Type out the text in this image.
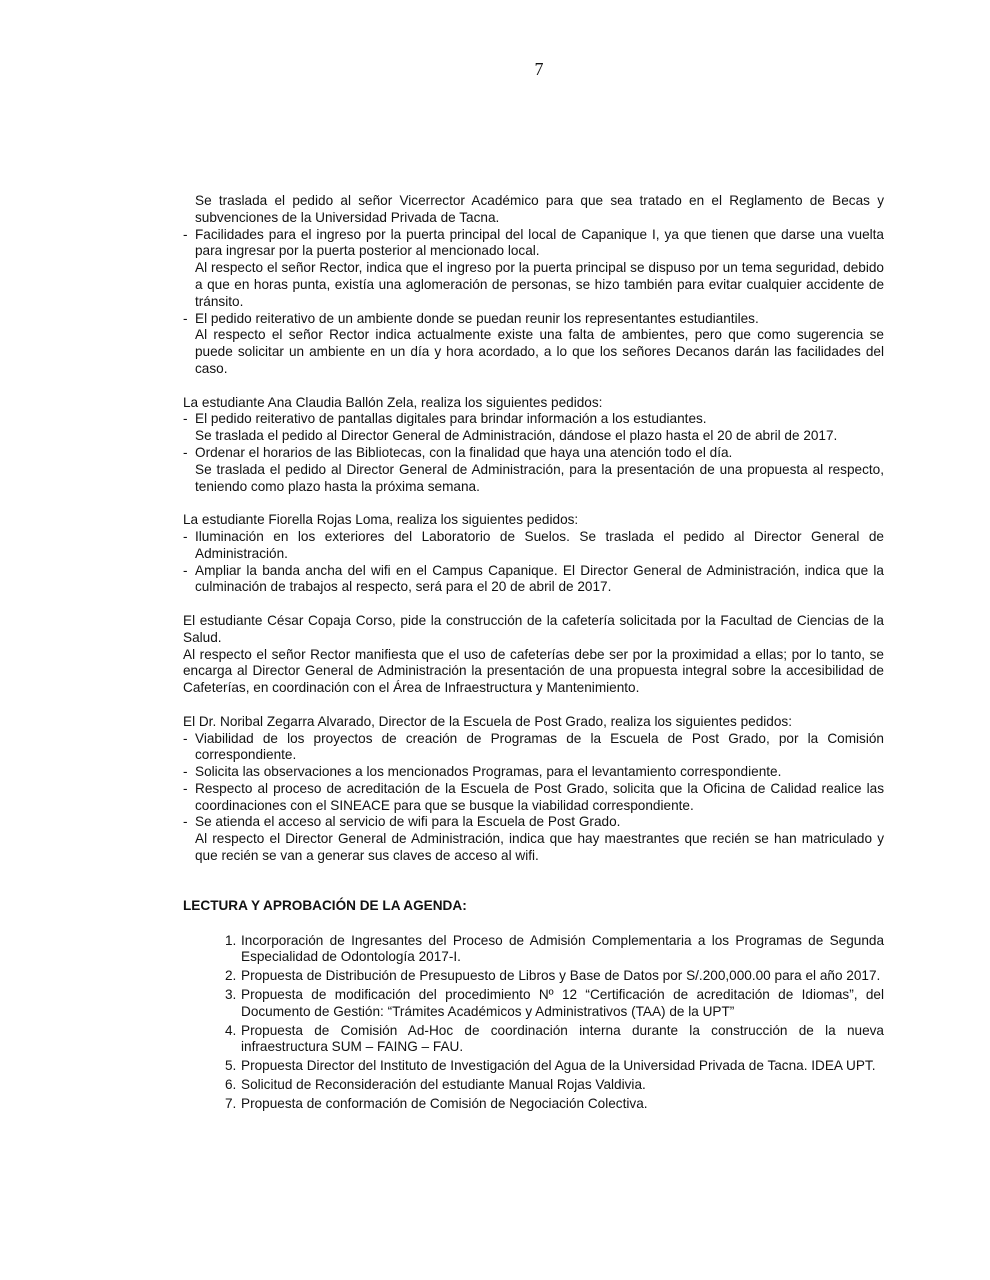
7
Se traslada el pedido al señor Vicerrector Académico para que sea tratado en el Reglamento de Becas y subvenciones de la Universidad Privada de Tacna.
- Facilidades para el ingreso por la puerta principal del local de Capanique I, ya que tienen que darse una vuelta para ingresar por la puerta posterior al mencionado local.
Al respecto el señor Rector, indica que el ingreso por la puerta principal se dispuso por un tema seguridad, debido a que en horas punta, existía una aglomeración de personas, se hizo también para evitar cualquier accidente de tránsito.
- El pedido reiterativo de un ambiente donde se puedan reunir los representantes estudiantiles.
Al respecto el señor Rector indica actualmente existe una falta de ambientes, pero que como sugerencia se puede solicitar un ambiente en un día y hora acordado, a lo que los señores Decanos darán las facilidades del caso.
La estudiante Ana Claudia Ballón Zela, realiza los siguientes pedidos:
- El pedido reiterativo de pantallas digitales para brindar información a los estudiantes.
Se traslada el pedido al Director General de Administración, dándose el plazo hasta el 20 de abril de 2017.
- Ordenar el horarios de las Bibliotecas, con la finalidad que haya una atención todo el día.
Se traslada el pedido al Director General de Administración, para la presentación de una propuesta al respecto, teniendo como plazo hasta la próxima semana.
La estudiante Fiorella Rojas Loma, realiza los siguientes pedidos:
- Iluminación en los exteriores del Laboratorio de Suelos. Se traslada el pedido al Director General de Administración.
- Ampliar la banda ancha del wifi en el Campus Capanique. El Director General de Administración, indica que la culminación de trabajos al respecto, será para el 20 de abril de 2017.
El estudiante César Copaja Corso, pide la construcción de la cafetería solicitada por la Facultad de Ciencias de la Salud.
Al respecto el señor Rector manifiesta que el uso de cafeterías debe ser por la proximidad a ellas; por lo tanto, se encarga al Director General de Administración la presentación de una propuesta integral sobre la accesibilidad de Cafeterías, en coordinación con el Área de Infraestructura y Mantenimiento.
El Dr. Noribal Zegarra Alvarado, Director de la Escuela de Post Grado, realiza los siguientes pedidos:
- Viabilidad de los proyectos de creación de Programas de la Escuela de Post Grado, por la Comisión correspondiente.
- Solicita las observaciones a los mencionados Programas, para el levantamiento correspondiente.
- Respecto al proceso de acreditación de la Escuela de Post Grado, solicita que la Oficina de Calidad realice las coordinaciones con el SINEACE para que se busque la viabilidad correspondiente.
- Se atienda el acceso al servicio de wifi para la Escuela de Post Grado.
Al respecto el Director General de Administración, indica que hay maestrantes que recién se han matriculado y que recién se van a generar sus claves de acceso al wifi.
LECTURA Y APROBACIÓN DE LA AGENDA:
1. Incorporación de Ingresantes del Proceso de Admisión Complementaria a los Programas de Segunda Especialidad de Odontología 2017-I.
2. Propuesta de Distribución de Presupuesto de Libros y Base de Datos por S/.200,000.00 para el año 2017.
3. Propuesta de modificación del procedimiento Nº 12 “Certificación de acreditación de Idiomas”, del Documento de Gestión: “Trámites Académicos y Administrativos (TAA) de la UPT”
4. Propuesta de Comisión Ad-Hoc de coordinación interna durante la construcción de la nueva infraestructura SUM – FAING – FAU.
5. Propuesta Director del Instituto de Investigación del Agua de la Universidad Privada de Tacna. IDEA UPT.
6. Solicitud de Reconsideración del estudiante Manual Rojas Valdivia.
7. Propuesta de conformación de Comisión de Negociación Colectiva.
